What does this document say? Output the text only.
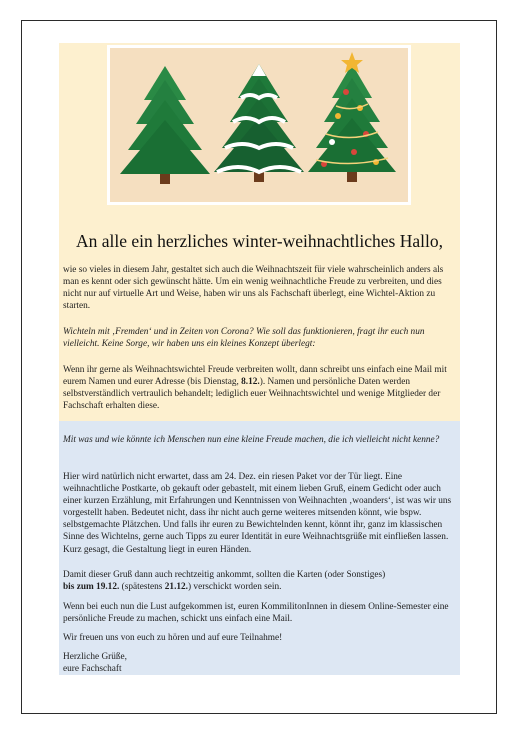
An alle ein herzliches winter-weihnachtliches Hallo,

wie so vieles in diesem Jahr, gestaltet sich auch die Weihnachtszeit für viele wahrscheinlich anders als man es kennt oder sich gewünscht hätte. Um ein wenig weihnachtliche Freude zu verbreiten, und dies nicht nur auf virtuelle Art und Weise, haben wir uns als Fachschaft überlegt, eine Wichtel-Aktion zu starten.

Wichteln mit ‚Fremden‘ und in Zeiten von Corona? Wie soll das funktionieren, fragt ihr euch nun vielleicht. Keine Sorge, wir haben uns ein kleines Konzept überlegt:

Wenn ihr gerne als Weihnachtswichtel Freude verbreiten wollt, dann schreibt uns einfach eine Mail mit eurem Namen und eurer Adresse (bis Dienstag, 8.12.). Namen und persönliche Daten werden selbstverständlich vertraulich behandelt; lediglich euer Weihnachtswichtel und wenige Mitglieder der Fachschaft erhalten diese.

Mit was und wie könnte ich Menschen nun eine kleine Freude machen, die ich vielleicht nicht kenne?

Hier wird natürlich nicht erwartet, dass am 24. Dez. ein riesen Paket vor der Tür liegt. Eine weihnachtliche Postkarte, ob gekauft oder gebastelt, mit einem lieben Gruß, einem Gedicht oder auch einer kurzen Erzählung, mit Erfahrungen und Kenntnissen von Weihnachten ‚woanders‘, ist was wir uns vorgestellt haben. Bedeutet nicht, dass ihr nicht auch gerne weiteres mitsenden könnt, wie bspw. selbstgemachte Plätzchen. Und falls ihr euren zu Bewichtelnden kennt, könnt ihr, ganz im klassischen Sinne des Wichtelns, gerne auch Tipps zu eurer Identität in eure Weihnachtsgrüße mit einfließen lassen. Kurz gesagt, die Gestaltung liegt in euren Händen.

Damit dieser Gruß dann auch rechtzeitig ankommt, sollten die Karten (oder Sonstiges)

bis zum 19.12. (spätestens 21.12.) verschickt worden sein.

Wenn bei euch nun die Lust aufgekommen ist, euren KommilitonInnen in diesem Online-Semester eine persönliche Freude zu machen, schickt uns einfach eine Mail.

Wir freuen uns von euch zu hören und auf eure Teilnahme!

Herzliche Grüße,

eure Fachschaft
